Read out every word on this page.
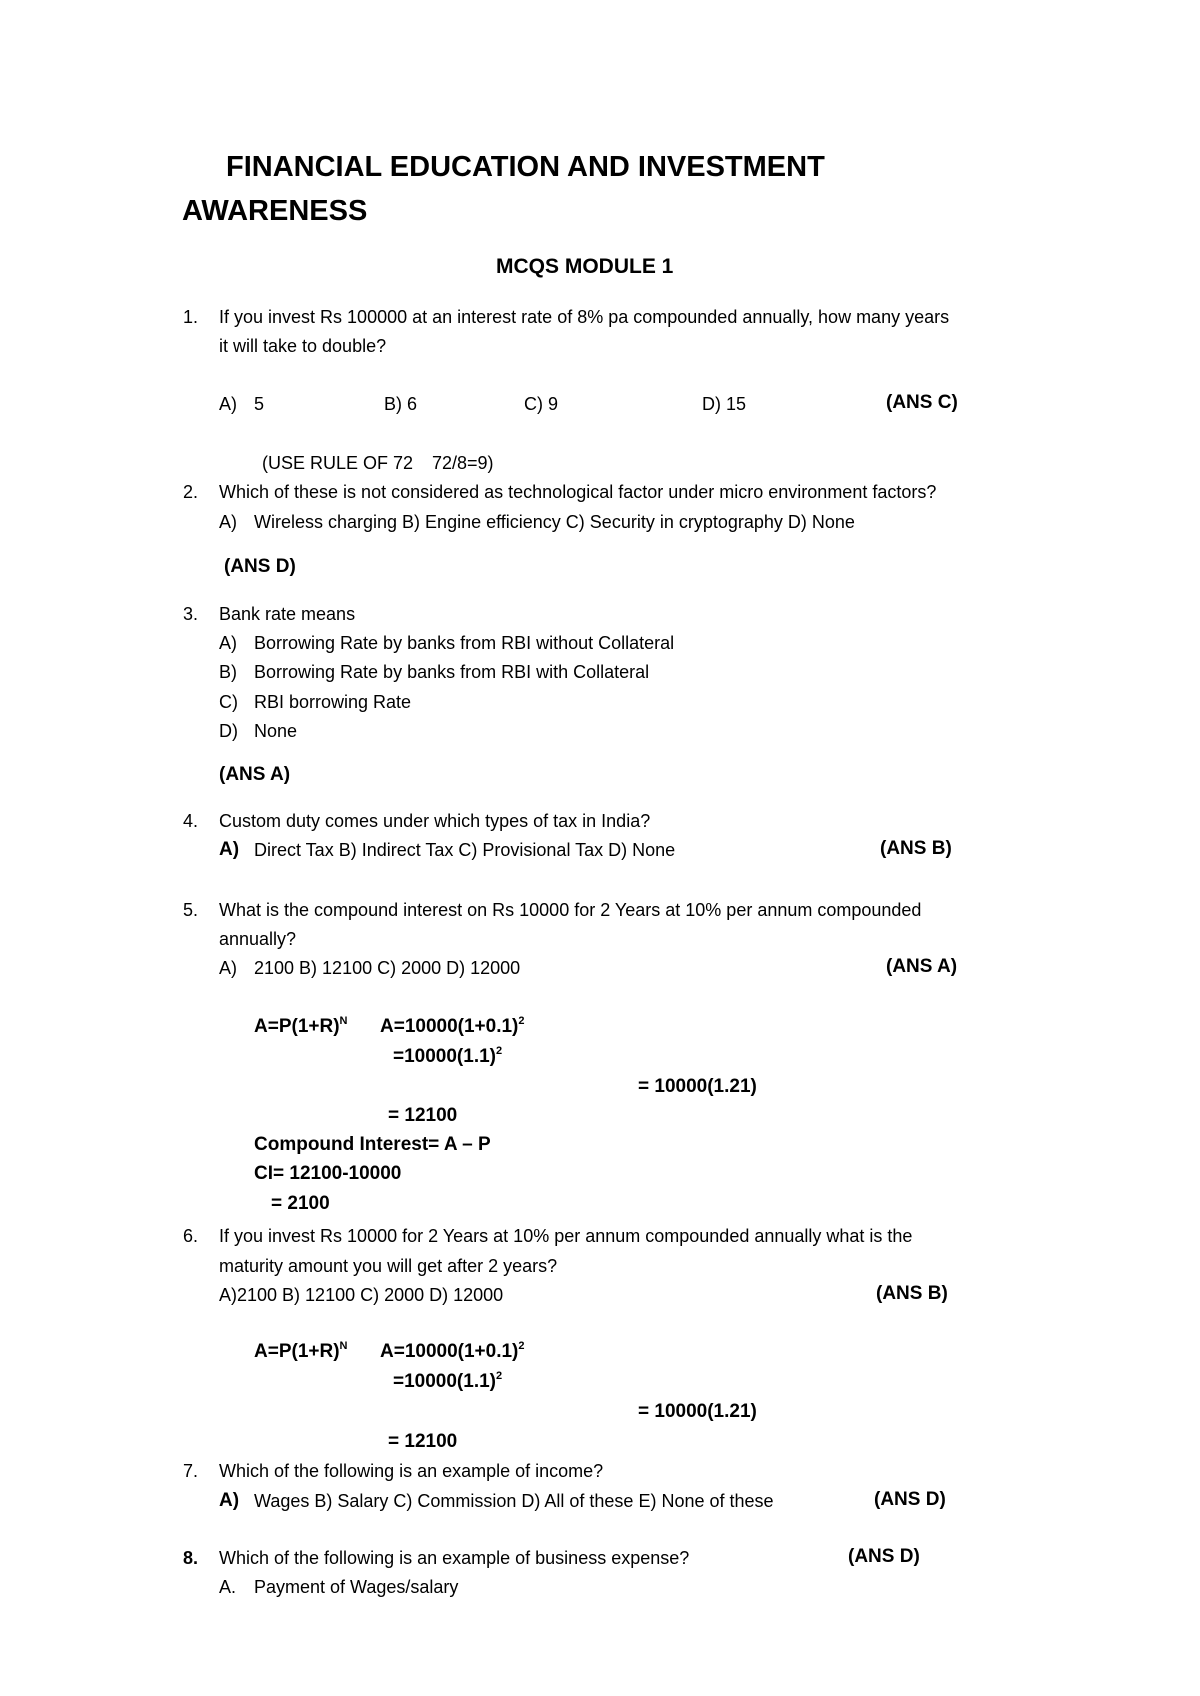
FINANCIAL EDUCATION AND INVESTMENT
AWARENESS
MCQS MODULE 1
1. If you invest Rs 100000 at an interest rate of 8% pa compounded annually, how many years
it will take to double?
A) 5	B) 6	C) 9	D) 15	(ANS C)
(USE RULE OF 72 72/8=9)
2. Which of these is not considered as technological factor under micro environment factors?
A) Wireless charging B) Engine efficiency C) Security in cryptography D) None
(ANS D)
3. Bank rate means
A) Borrowing Rate by banks from RBI without Collateral
B) Borrowing Rate by banks from RBI with Collateral
C) RBI borrowing Rate
D) None
(ANS A)
4. Custom duty comes under which types of tax in India?
A) Direct Tax B) Indirect Tax C) Provisional Tax D) None	(ANS B)
5. What is the compound interest on Rs 10000 for 2 Years at 10% per annum compounded
annually?
A) 2100 B) 12100 C) 2000 D) 12000	(ANS A)
$A=P(1+R)^N$ $A=10000(1+0.1)^2$
$=10000(1.1)^2$
= 10000(1.21)
= 12100
Compound Interest= A – P
CI= 12100-10000
= 2100
6. If you invest Rs 10000 for 2 Years at 10% per annum compounded annually what is the
maturity amount you will get after 2 years?
A)2100 B) 12100 C) 2000 D) 12000	(ANS B)
$A=P(1+R)^N$ $A=10000(1+0.1)^2$
$=10000(1.1)^2$
= 10000(1.21)
= 12100
7. Which of the following is an example of income?
A) Wages B) Salary C) Commission D) All of these E) None of these	(ANS D)
8. Which of the following is an example of business expense?	(ANS D)
A. Payment of Wages/salary
